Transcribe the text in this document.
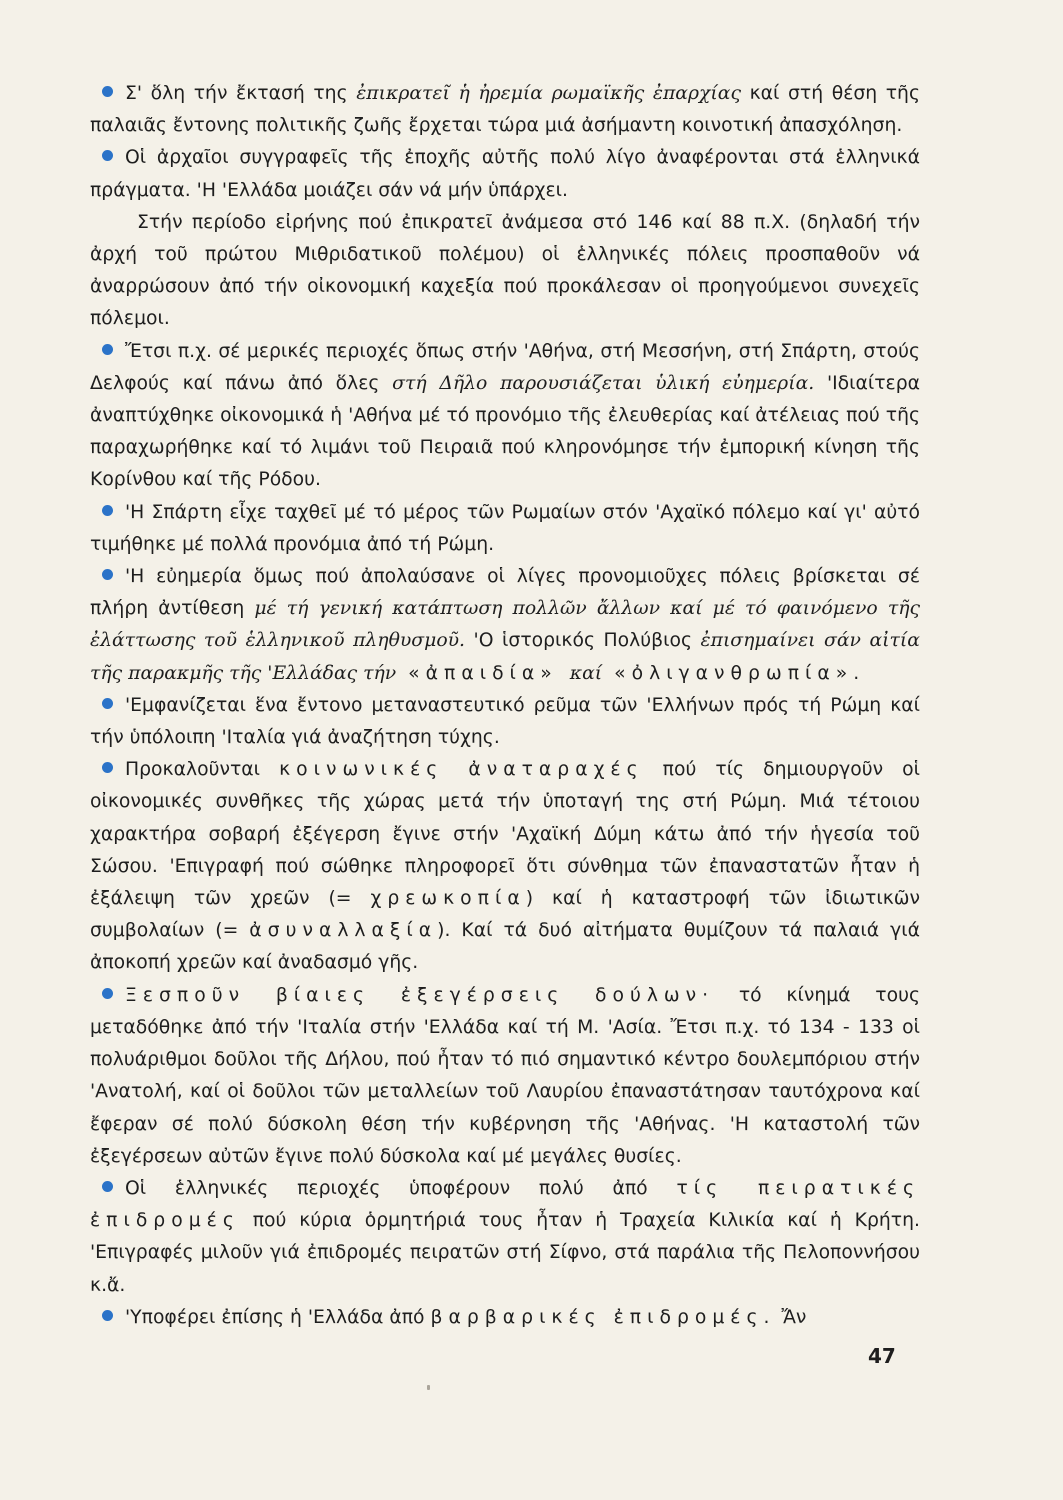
Σ' ὅλη τήν ἔκτασή της ἐπικρατεῖ ἡ ἠρεμία ρωμαϊκῆς ἐπαρχίας καί στή θέση τῆς παλαιᾶς ἔντονης πολιτικῆς ζωῆς ἔρχεται τώρα μιά ἀσήμαντη κοινοτική ἀπασχόληση.

Οἱ ἀρχαῖοι συγγραφεῖς τῆς ἐποχῆς αὐτῆς πολύ λίγο ἀναφέρονται στά ἑλληνικά πράγματα. 'Η 'Ελλάδα μοιάζει σάν νά μήν ὑπάρχει.

Στήν περίοδο εἰρήνης πού ἐπικρατεῖ ἀνάμεσα στό 146 καί 88 π.Χ. (δηλαδή τήν ἀρχή τοῦ πρώτου Μιθριδατικοῦ πολέμου) οἱ ἑλληνικές πόλεις προσπαθοῦν νά ἀναρρώσουν ἀπό τήν οἰκονομική καχεξία πού προκάλεσαν οἱ προηγούμενοι συνεχεῖς πόλεμοι.

Ἔτσι π.χ. σέ μερικές περιοχές ὅπως στήν 'Αθήνα, στή Μεσσήνη, στή Σπάρτη, στούς Δελφούς καί πάνω ἀπό ὅλες στή Δῆλο παρουσιάζεται ὑλική εὐημερία. 'Ιδιαίτερα ἀναπτύχθηκε οἰκονομικά ἡ 'Αθήνα μέ τό προνόμιο τῆς ἐλευθερίας καί ἀτέλειας πού τῆς παραχωρήθηκε καί τό λιμάνι τοῦ Πειραιᾶ πού κληρονόμησε τήν ἐμπορική κίνηση τῆς Κορίνθου καί τῆς Ρόδου.

'Η Σπάρτη εἶχε ταχθεῖ μέ τό μέρος τῶν Ρωμαίων στόν 'Αχαϊκό πόλεμο καί γι' αὐτό τιμήθηκε μέ πολλά προνόμια ἀπό τή Ρώμη.

'Η εὐημερία ὅμως πού ἀπολαύσανε οἱ λίγες προνομιοῦχες πόλεις βρίσκεται σέ πλήρη ἀντίθεση μέ τή γενική κατάπτωση πολλῶν ἄλλων καί μέ τό φαινόμενο τῆς ἐλάττωσης τοῦ ἑλληνικοῦ πληθυσμοῦ. 'Ο ἱστορικός Πολύβιος ἐπισημαίνει σάν αἰτία τῆς παρακμῆς τῆς 'Ελλάδας τήν «ἀπαιδία» καί «ὀλιγανθρωπία».

'Εμφανίζεται ἕνα ἔντονο μεταναστευτικό ρεῦμα τῶν 'Ελλήνων πρός τή Ρώμη καί τήν ὑπόλοιπη 'Ιταλία γιά ἀναζήτηση τύχης.

Προκαλοῦνται κοινωνικές ἀναταραχές πού τίς δημιουργοῦν οἱ οἰκονομικές συνθῆκες τῆς χώρας μετά τήν ὑποταγή της στή Ρώμη. Μιά τέτοιου χαρακτήρα σοβαρή ἐξέγερση ἔγινε στήν 'Αχαϊκή Δύμη κάτω ἀπό τήν ἡγεσία τοῦ Σώσου. 'Επιγραφή πού σώθηκε πληροφορεῖ ὅτι σύνθημα τῶν ἐπαναστατῶν ἦταν ἡ ἐξάλειψη τῶν χρεῶν (= χρεωκοπία) καί ἡ καταστροφή τῶν ἰδιωτικῶν συμβολαίων (= ἀσυναλλαξία). Καί τά δυό αἰτήματα θυμίζουν τά παλαιά γιά ἀποκοπή χρεῶν καί ἀναδασμό γῆς.

Ξεσποῦν βίαιες ἐξεγέρσεις δούλων· τό κίνημά τους μεταδόθηκε ἀπό τήν 'Ιταλία στήν 'Ελλάδα καί τή Μ. 'Ασία. Ἔτσι π.χ. τό 134 - 133 οἱ πολυάριθμοι δοῦλοι τῆς Δήλου, πού ἦταν τό πιό σημαντικό κέντρο δουλεμπόριου στήν 'Ανατολή, καί οἱ δοῦλοι τῶν μεταλλείων τοῦ Λαυρίου ἐπαναστάτησαν ταυτόχρονα καί ἔφεραν σέ πολύ δύσκολη θέση τήν κυβέρνηση τῆς 'Αθήνας. 'Η καταστολή τῶν ἐξεγέρσεων αὐτῶν ἔγινε πολύ δύσκολα καί μέ μεγάλες θυσίες.

Οἱ ἑλληνικές περιοχές ὑποφέρουν πολύ ἀπό τίς πειρατικές ἐπιδρομές πού κύρια ὁρμητήριά τους ἦταν ἡ Τραχεία Κιλικία καί ἡ Κρήτη. 'Επιγραφές μιλοῦν γιά ἐπιδρομές πειρατῶν στή Σίφνο, στά παράλια τῆς Πελοποννήσου κ.ἄ.

'Υποφέρει ἐπίσης ἡ 'Ελλάδα ἀπό βαρβαρικές ἐπιδρομές. Ἄν

47
